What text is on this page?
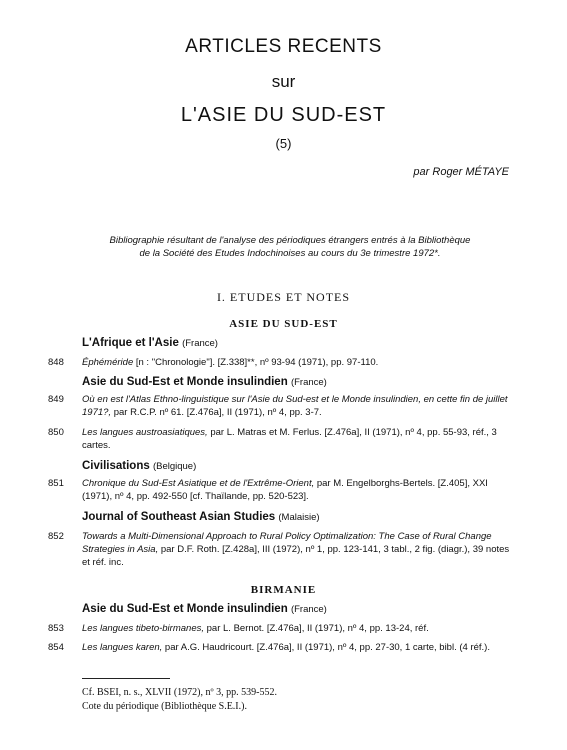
ARTICLES RECENTS
sur
L'ASIE DU SUD-EST
(5)
par Roger MÉTAYE
Bibliographie résultant de l'analyse des périodiques étrangers entrés à la Bibliothèque
de la Société des Etudes Indochinoises au cours du 3e trimestre 1972*.
I. ETUDES ET NOTES
ASIE DU SUD-EST
L'Afrique et l'Asie (France)
848	Éphéméride [n : "Chronologie"]. [Z.338]**, nº 93-94 (1971), pp. 97-110.
Asie du Sud-Est et Monde insulindien (France)
849	Où en est l'Atlas Ethno-linguistique sur l'Asie du Sud-est et le Monde insulindien, en cette fin de juillet 1971?, par R.C.P. nº 61. [Z.476a], II (1971), nº 4, pp. 3-7.
850	Les langues austroasiatiques, par L. Matras et M. Ferlus. [Z.476a], II (1971), nº 4, pp. 55-93, réf., 3 cartes.
Civilisations (Belgique)
851	Chronique du Sud-Est Asiatique et de l'Extrême-Orient, par M. Engelborghs-Bertels. [Z.405], XXI (1971), nº 4, pp. 492-550 [cf. Thaïlande, pp. 520-523].
Journal of Southeast Asian Studies (Malaisie)
852	Towards a Multi-Dimensional Approach to Rural Policy Optimalization: The Case of Rural Change Strategies in Asia, par D.F. Roth. [Z.428a], III (1972), nº 1, pp. 123-141, 3 tabl., 2 fig. (diagr.), 39 notes et réf. inc.
BIRMANIE
Asie du Sud-Est et Monde insulindien (France)
853	Les langues tibeto-birmanes, par L. Bernot. [Z.476a], II (1971), nº 4, pp. 13-24, réf.
854	Les langues karen, par A.G. Haudricourt. [Z.476a], II (1971), nº 4, pp. 27-30, 1 carte, bibl. (4 réf.).
Cf. BSEI, n. s., XLVII (1972), nº 3, pp. 539-552.
Cote du périodique (Bibliothèque S.E.I.).
